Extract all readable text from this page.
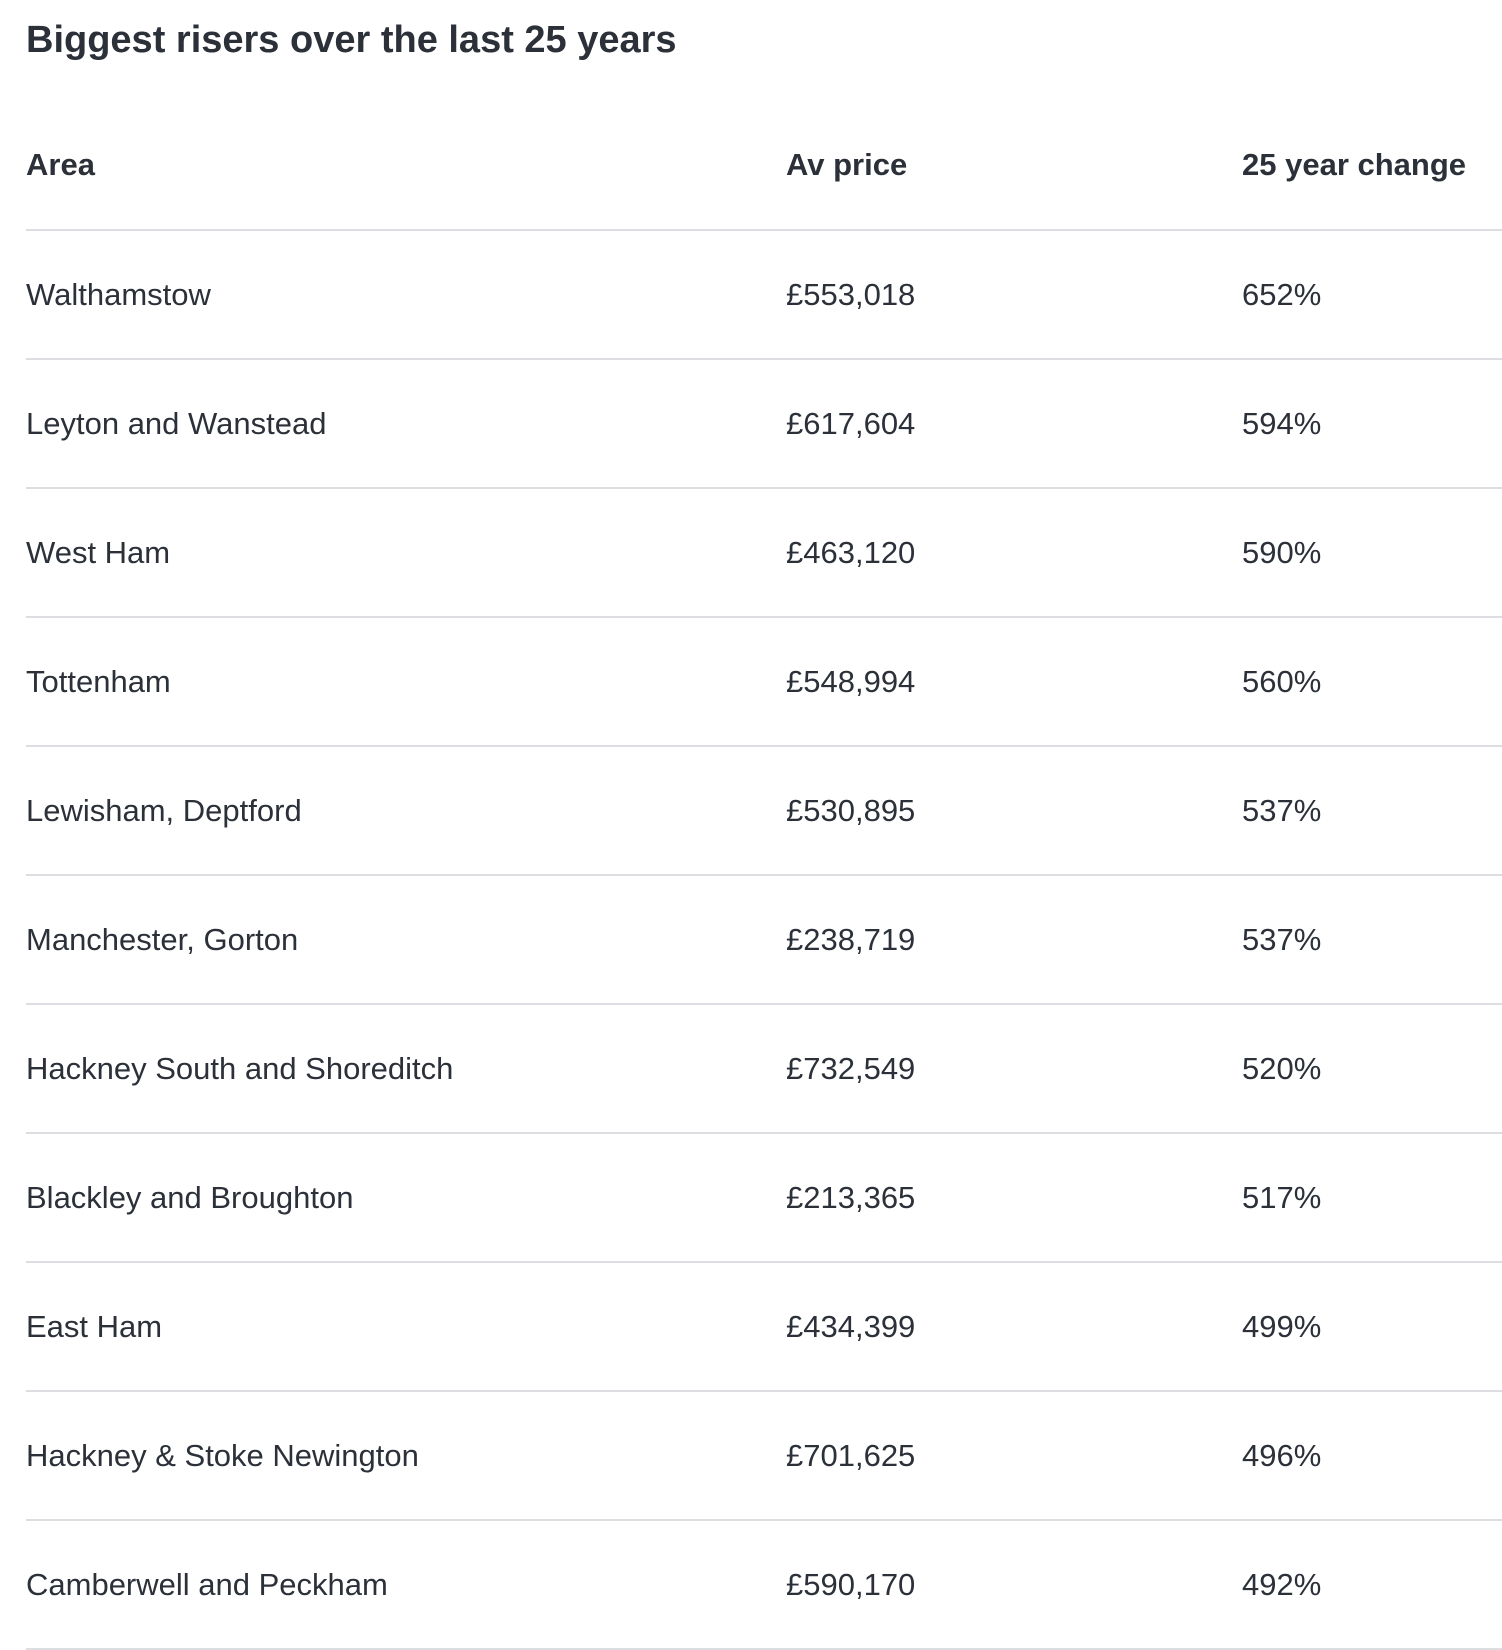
Biggest risers over the last 25 years
Area	Av price	25 year change
Walthamstow	£553,018	652%
Leyton and Wanstead	£617,604	594%
West Ham	£463,120	590%
Tottenham	£548,994	560%
Lewisham, Deptford	£530,895	537%
Manchester, Gorton	£238,719	537%
Hackney South and Shoreditch	£732,549	520%
Blackley and Broughton	£213,365	517%
East Ham	£434,399	499%
Hackney & Stoke Newington	£701,625	496%
Camberwell and Peckham	£590,170	492%
